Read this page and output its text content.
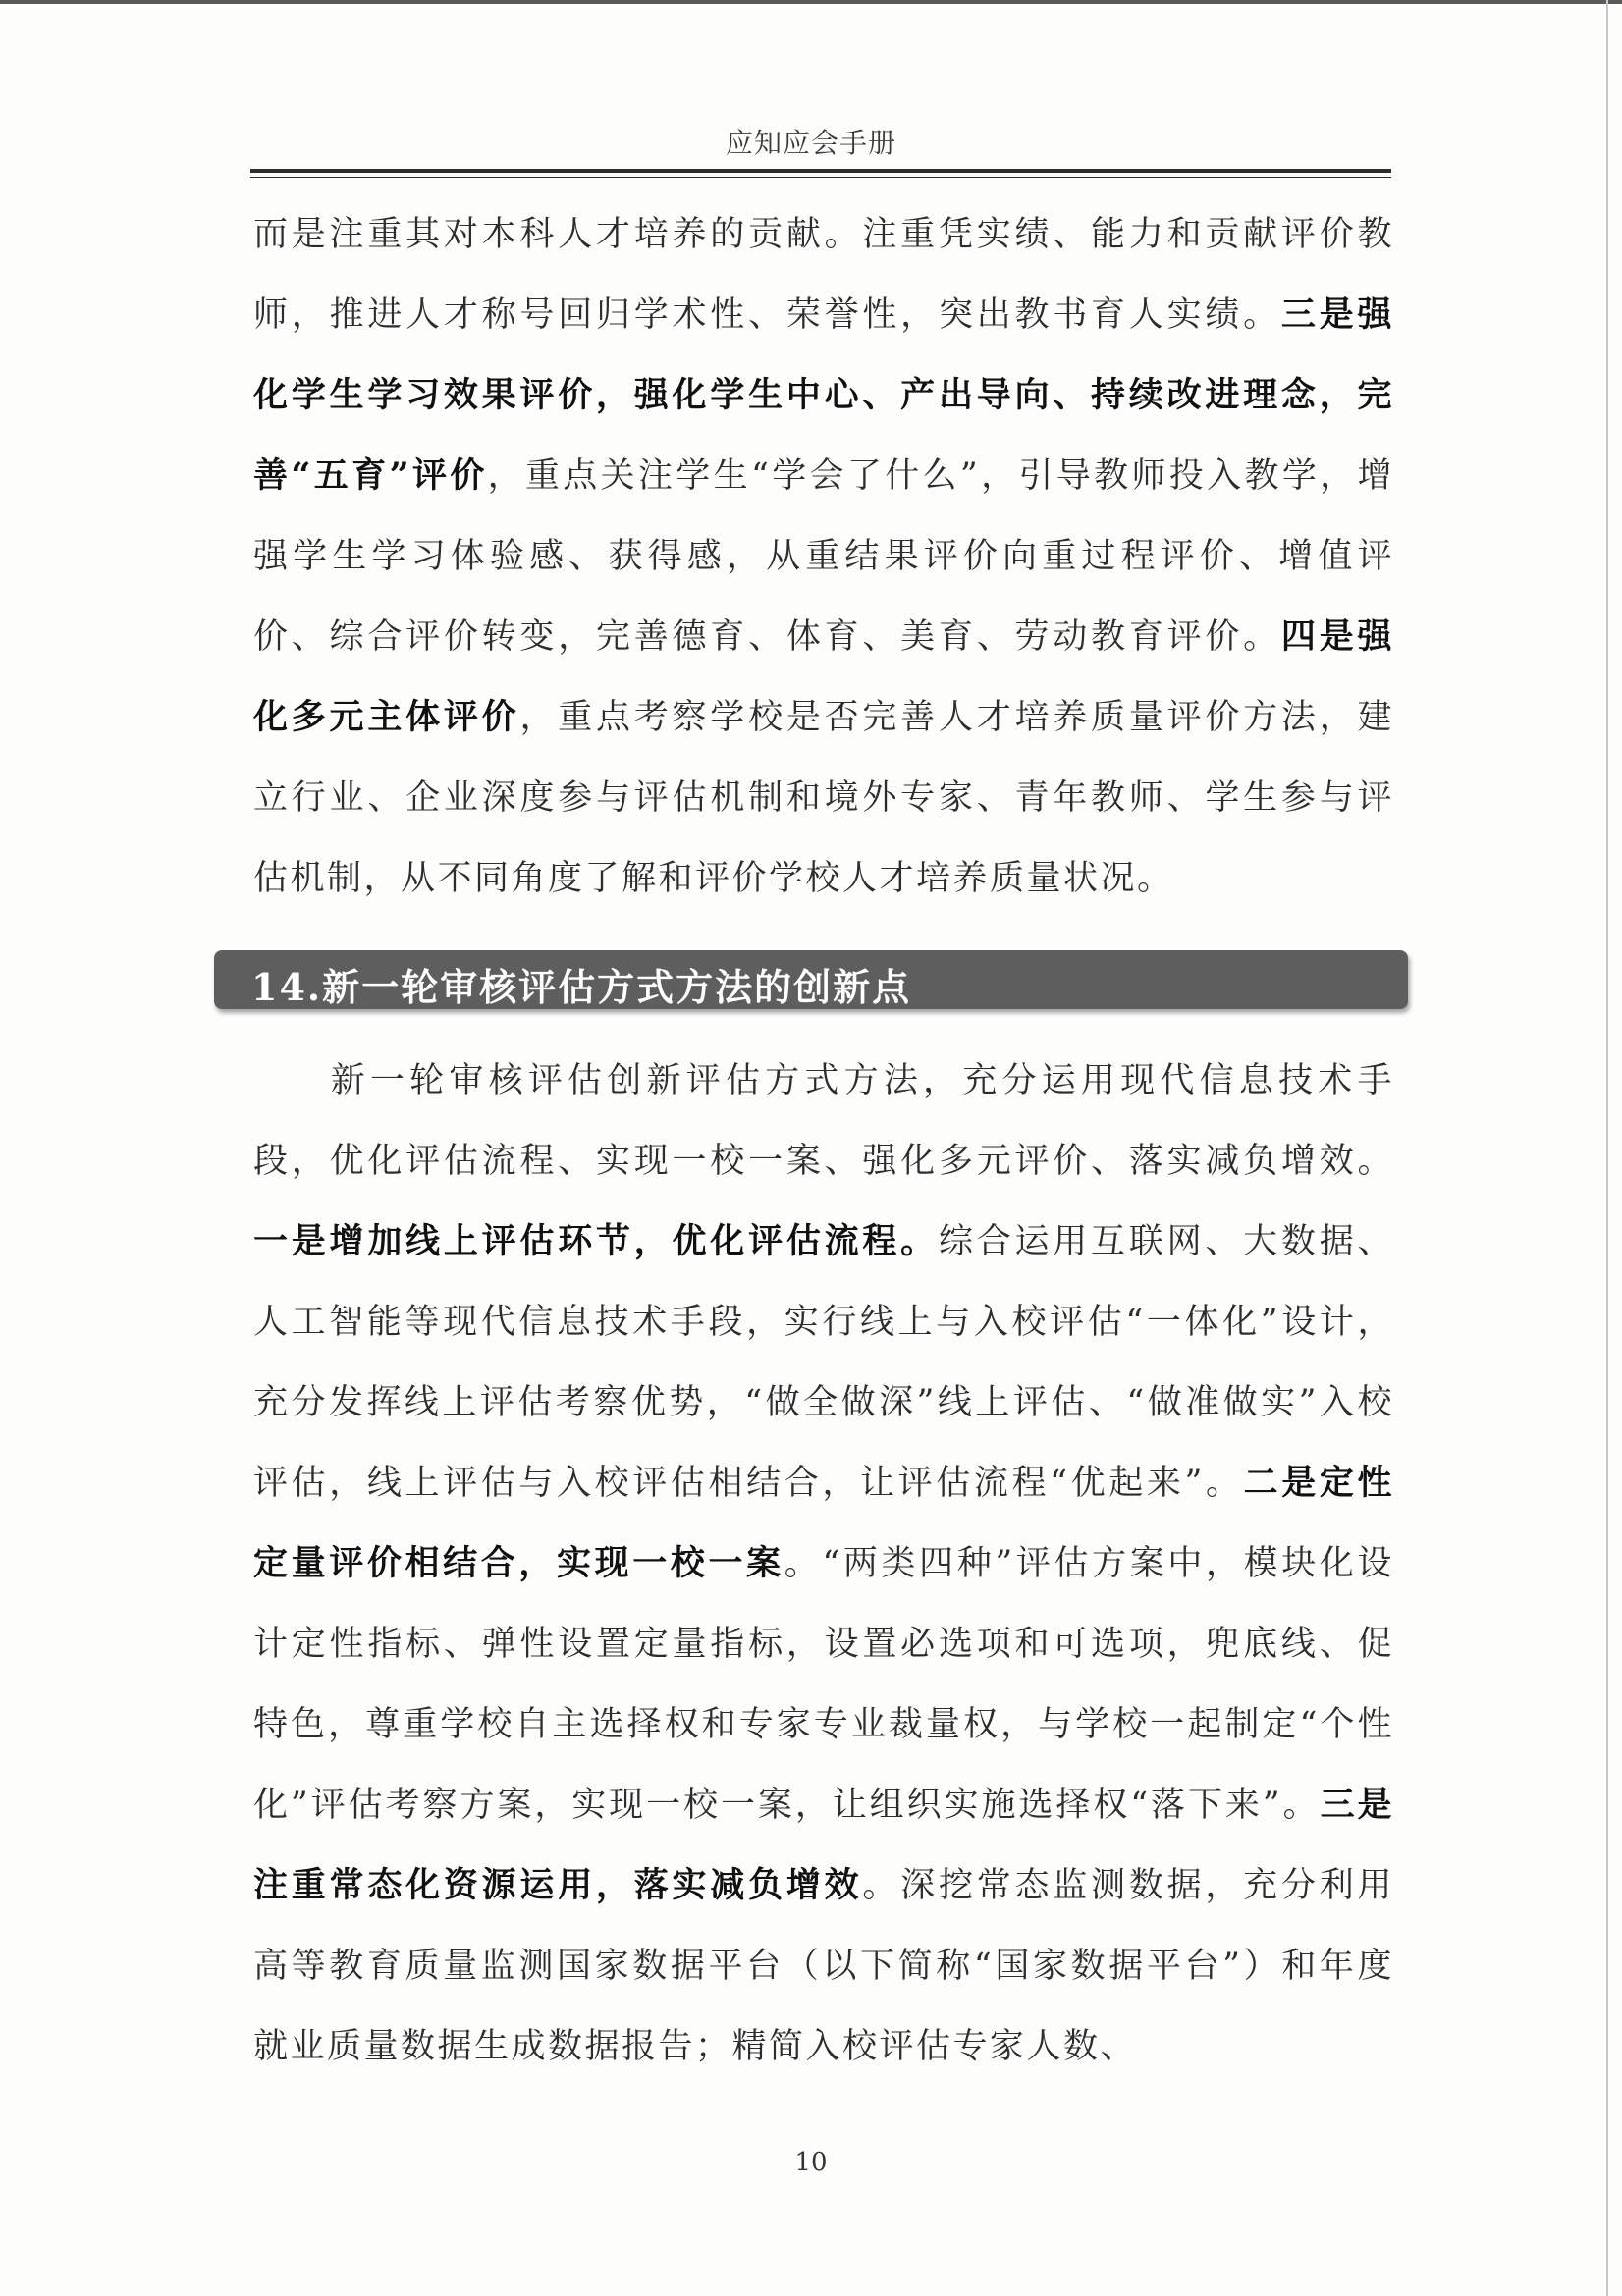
应知应会手册
而是注重其对本科人才培养的贡献。注重凭实绩、能力和贡献评价教师，推进人才称号回归学术性、荣誉性，突出教书育人实绩。三是强化学生学习效果评价，强化学生中心、产出导向、持续改进理念，完善“五育”评价，重点关注学生“学会了什么”，引导教师投入教学，增强学生学习体验感、获得感，从重结果评价向重过程评价、增值评价、综合评价转变，完善德育、体育、美育、劳动教育评价。四是强化多元主体评价，重点考察学校是否完善人才培养质量评价方法，建立行业、企业深度参与评估机制和境外专家、青年教师、学生参与评估机制，从不同角度了解和评价学校人才培养质量状况。
14.新一轮审核评估方式方法的创新点
新一轮审核评估创新评估方式方法，充分运用现代信息技术手段，优化评估流程、实现一校一案、强化多元评价、落实减负增效。一是增加线上评估环节，优化评估流程。综合运用互联网、大数据、人工智能等现代信息技术手段，实行线上与入校评估“一体化”设计，充分发挥线上评估考察优势，“做全做深”线上评估、“做准做实”入校评估，线上评估与入校评估相结合，让评估流程“优起来”。二是定性定量评价相结合，实现一校一案。“两类四种”评估方案中，模块化设计定性指标、弹性设置定量指标，设置必选项和可选项，兜底线、促特色，尊重学校自主选择权和专家专业裁量权，与学校一起制定“个性化”评估考察方案，实现一校一案，让组织实施选择权“落下来”。三是注重常态化资源运用，落实减负增效。深挖常态监测数据，充分利用高等教育质量监测国家数据平台（以下简称“国家数据平台”）和年度就业质量数据生成数据报告；精简入校评估专家人数、
10
